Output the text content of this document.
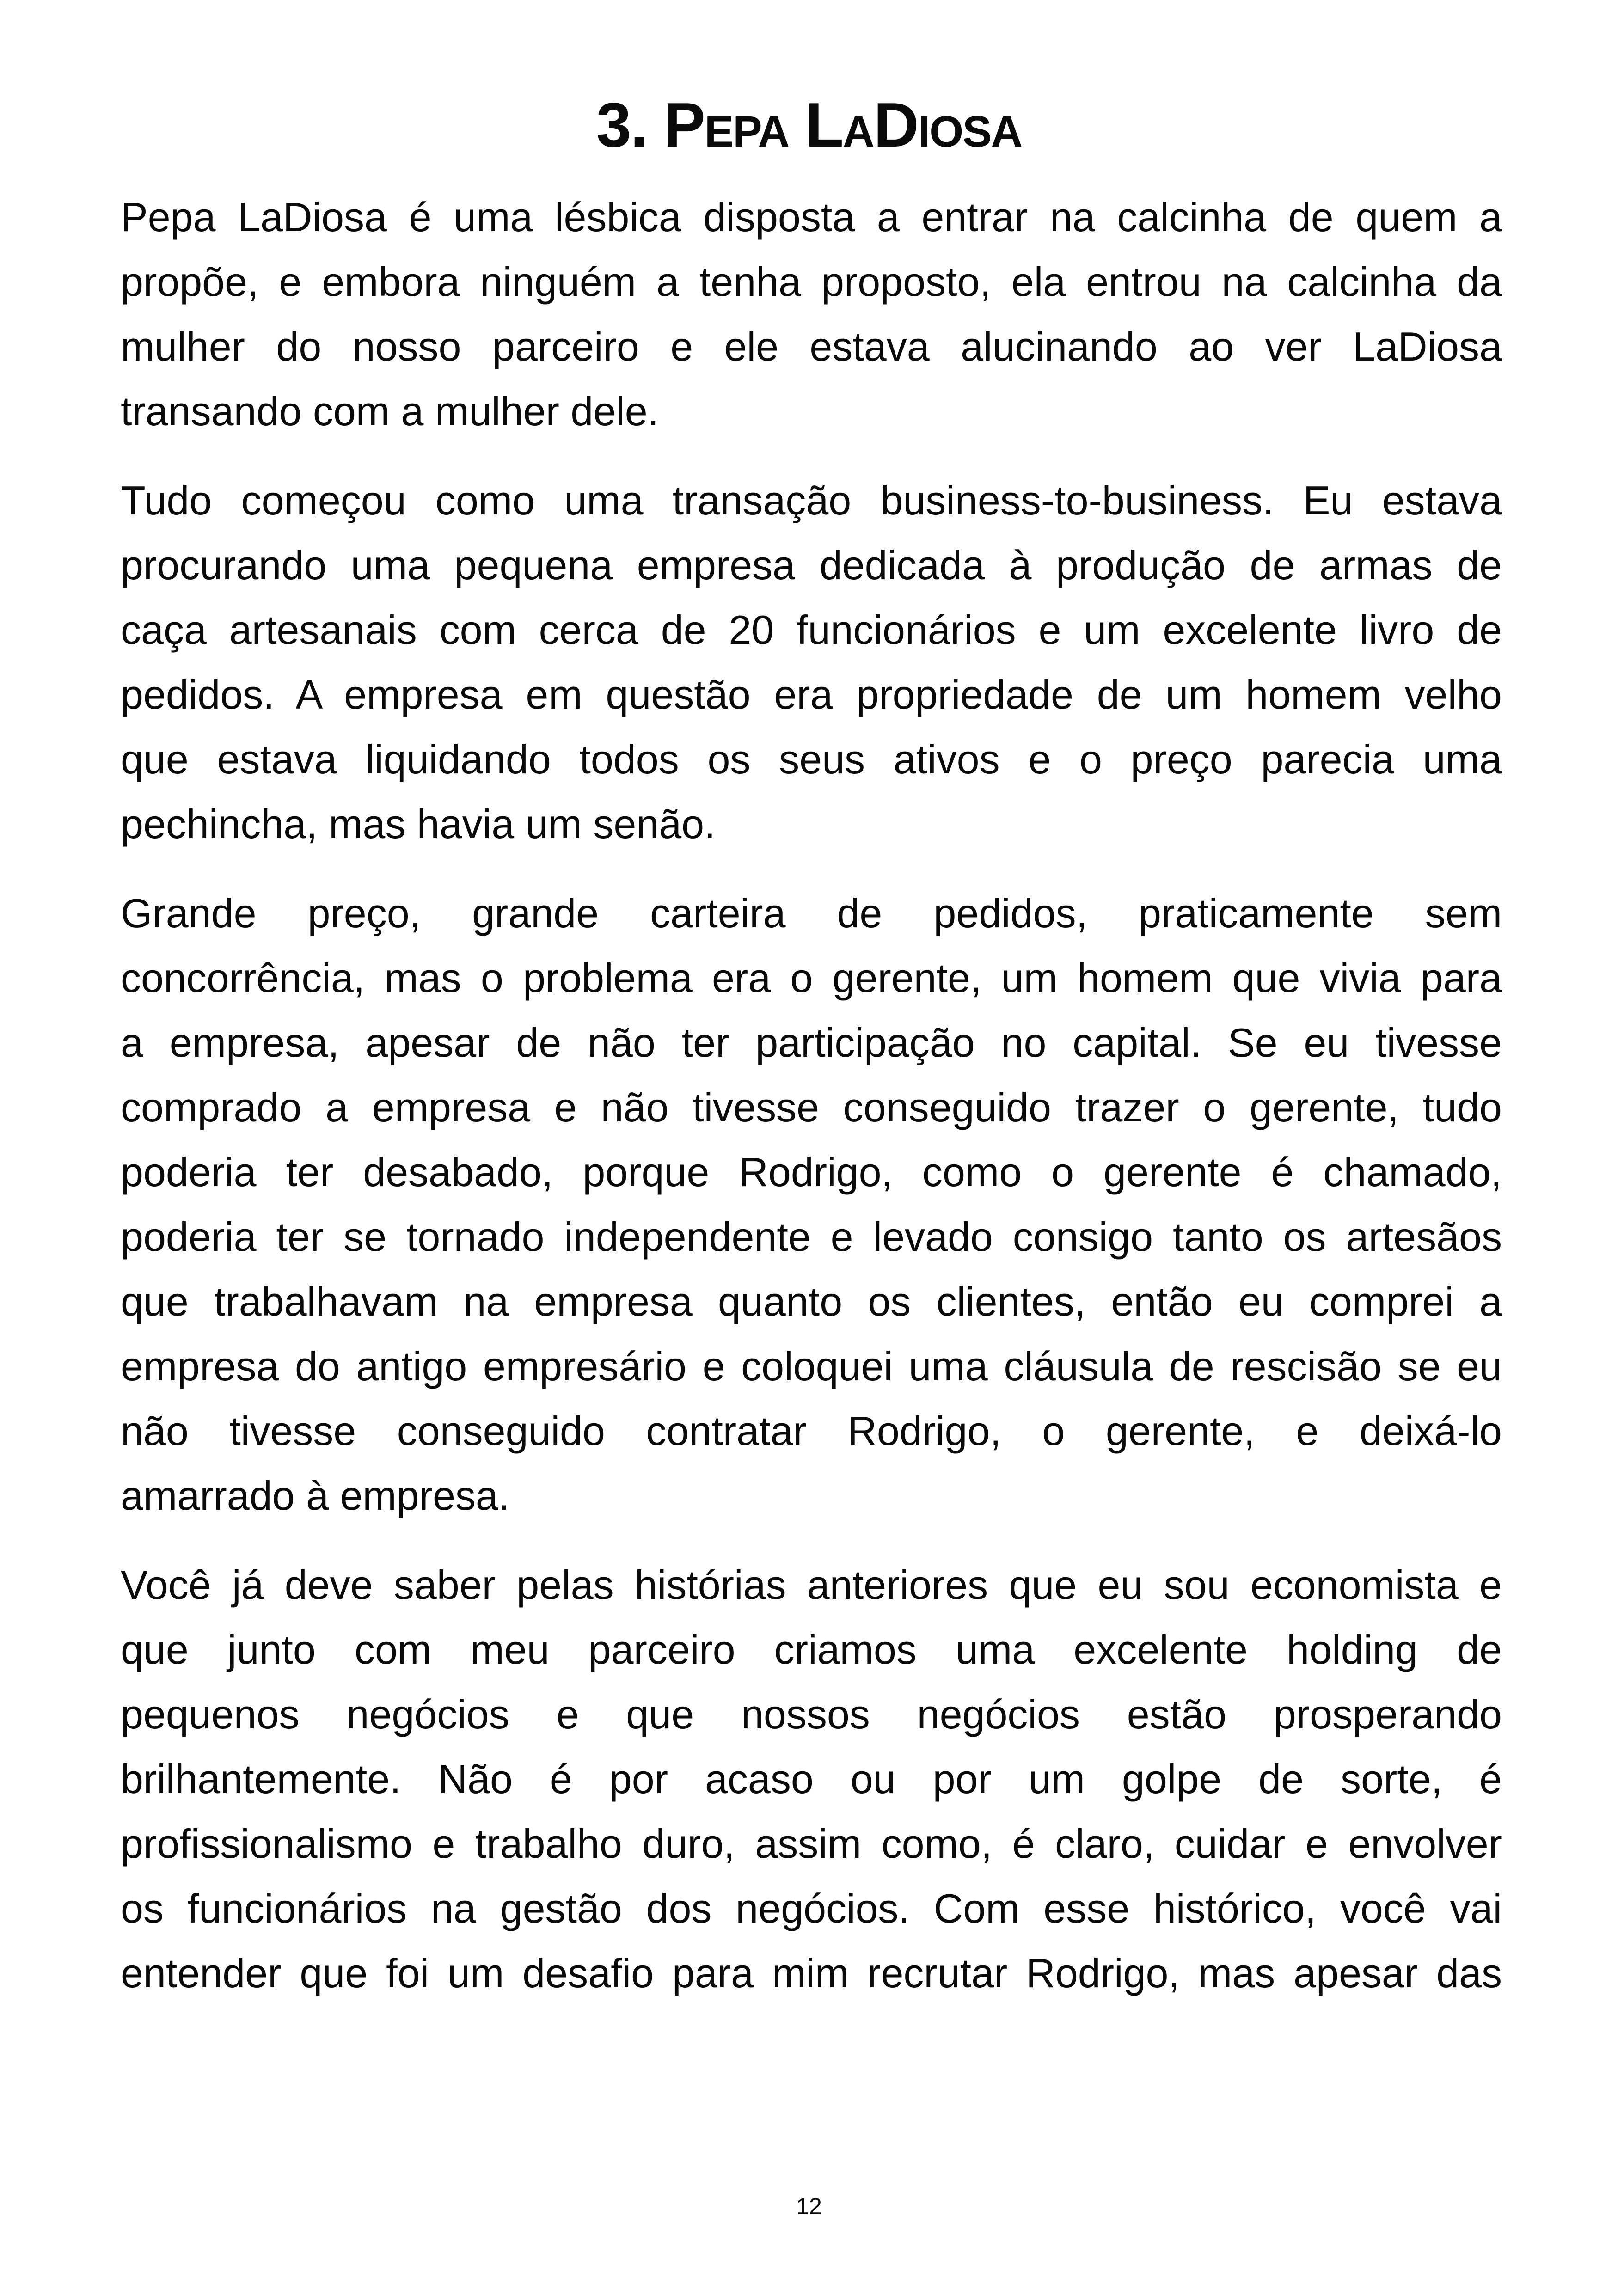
3. Pepa LaDiosa
Pepa LaDiosa é uma lésbica disposta a entrar na calcinha de quem a
propõe, e embora ninguém a tenha proposto, ela entrou na calcinha da
mulher do nosso parceiro e ele estava alucinando ao ver LaDiosa
transando com a mulher dele.
Tudo começou como uma transação business-to-business. Eu estava
procurando uma pequena empresa dedicada à produção de armas de
caça artesanais com cerca de 20 funcionários e um excelente livro de
pedidos. A empresa em questão era propriedade de um homem velho
que estava liquidando todos os seus ativos e o preço parecia uma
pechincha, mas havia um senão.
Grande preço, grande carteira de pedidos, praticamente sem
concorrência, mas o problema era o gerente, um homem que vivia para
a empresa, apesar de não ter participação no capital. Se eu tivesse
comprado a empresa e não tivesse conseguido trazer o gerente, tudo
poderia ter desabado, porque Rodrigo, como o gerente é chamado,
poderia ter se tornado independente e levado consigo tanto os artesãos
que trabalhavam na empresa quanto os clientes, então eu comprei a
empresa do antigo empresário e coloquei uma cláusula de rescisão se eu
não tivesse conseguido contratar Rodrigo, o gerente, e deixá-lo
amarrado à empresa.
Você já deve saber pelas histórias anteriores que eu sou economista e
que junto com meu parceiro criamos uma excelente holding de
pequenos negócios e que nossos negócios estão prosperando
brilhantemente. Não é por acaso ou por um golpe de sorte, é
profissionalismo e trabalho duro, assim como, é claro, cuidar e envolver
os funcionários na gestão dos negócios. Com esse histórico, você vai
entender que foi um desafio para mim recrutar Rodrigo, mas apesar das
12
